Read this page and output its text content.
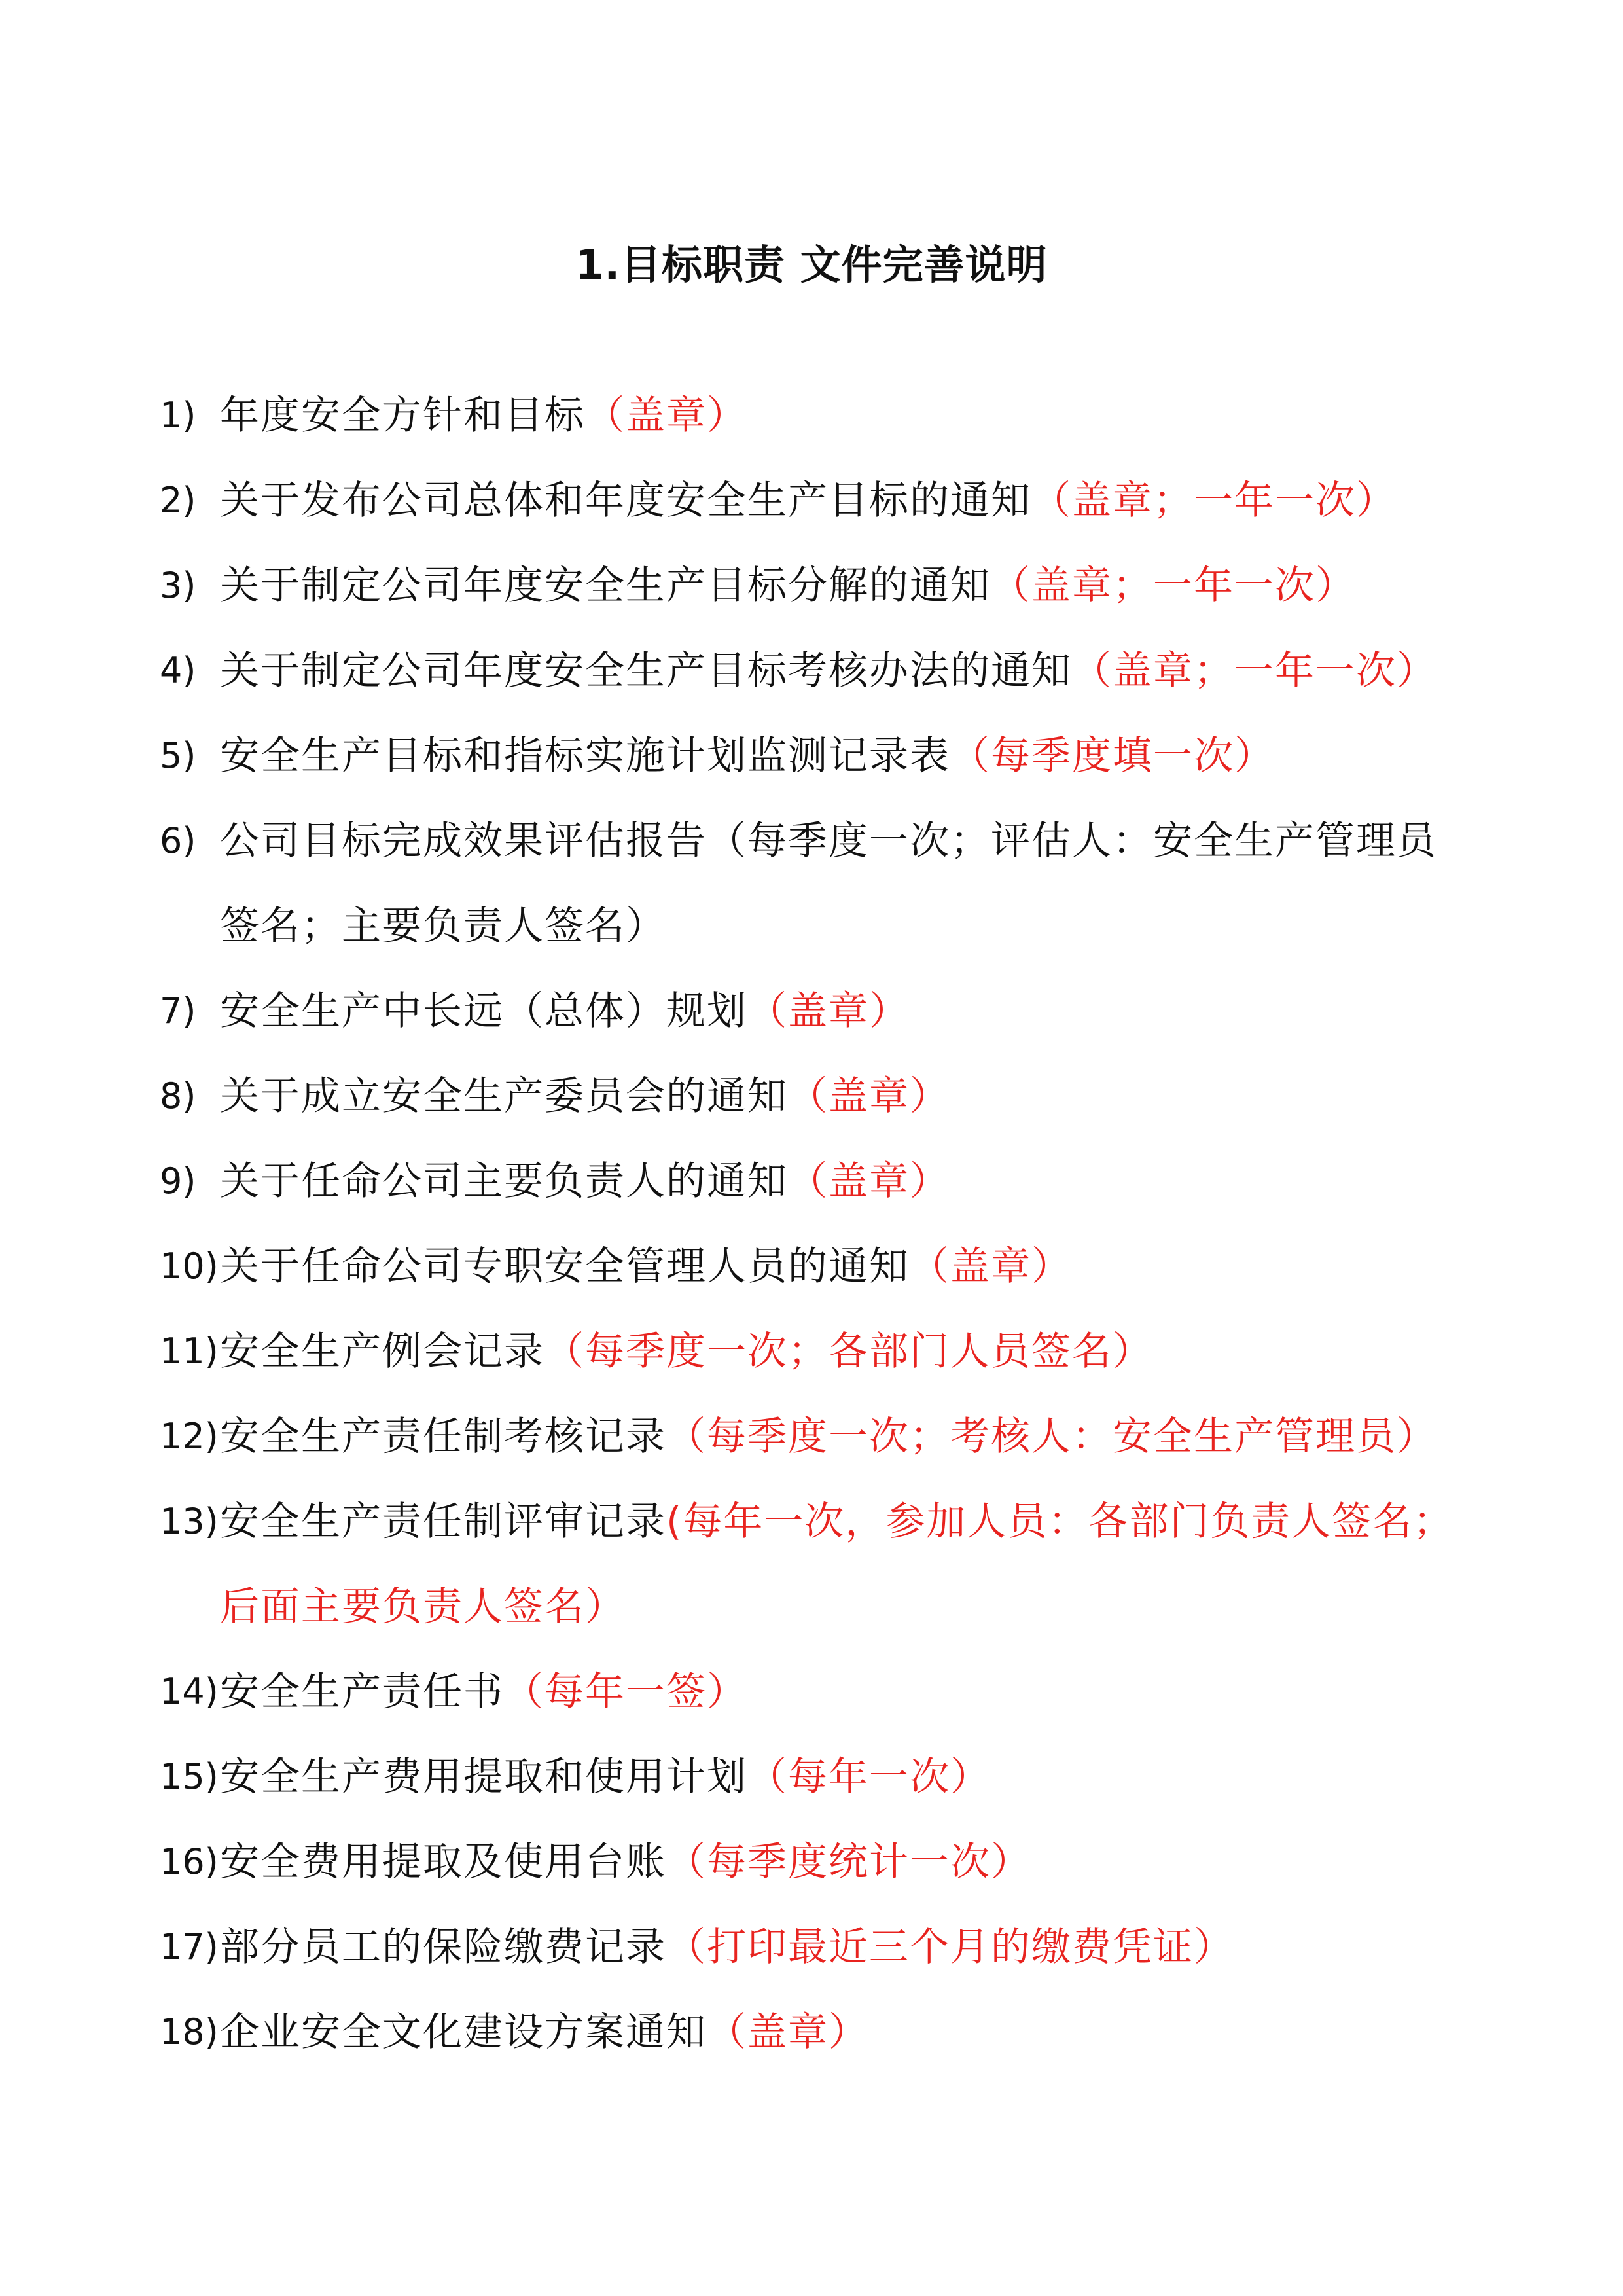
1.目标职责 文件完善说明
1) 年度安全方针和目标（盖章）
2) 关于发布公司总体和年度安全生产目标的通知（盖章；一年一次）
3) 关于制定公司年度安全生产目标分解的通知（盖章；一年一次）
4) 关于制定公司年度安全生产目标考核办法的通知（盖章；一年一次）
5) 安全生产目标和指标实施计划监测记录表（每季度填一次）
6) 公司目标完成效果评估报告（每季度一次；评估人：安全生产管理员
签名；主要负责人签名）
7) 安全生产中长远（总体）规划（盖章）
8) 关于成立安全生产委员会的通知（盖章）
9) 关于任命公司主要负责人的通知（盖章）
10) 关于任命公司专职安全管理人员的通知（盖章）
11) 安全生产例会记录（每季度一次；各部门人员签名）
12) 安全生产责任制考核记录（每季度一次；考核人：安全生产管理员）
13) 安全生产责任制评审记录(每年一次，参加人员：各部门负责人签名；
后面主要负责人签名）
14) 安全生产责任书（每年一签）
15) 安全生产费用提取和使用计划（每年一次）
16) 安全费用提取及使用台账（每季度统计一次）
17) 部分员工的保险缴费记录（打印最近三个月的缴费凭证）
18) 企业安全文化建设方案通知（盖章）
